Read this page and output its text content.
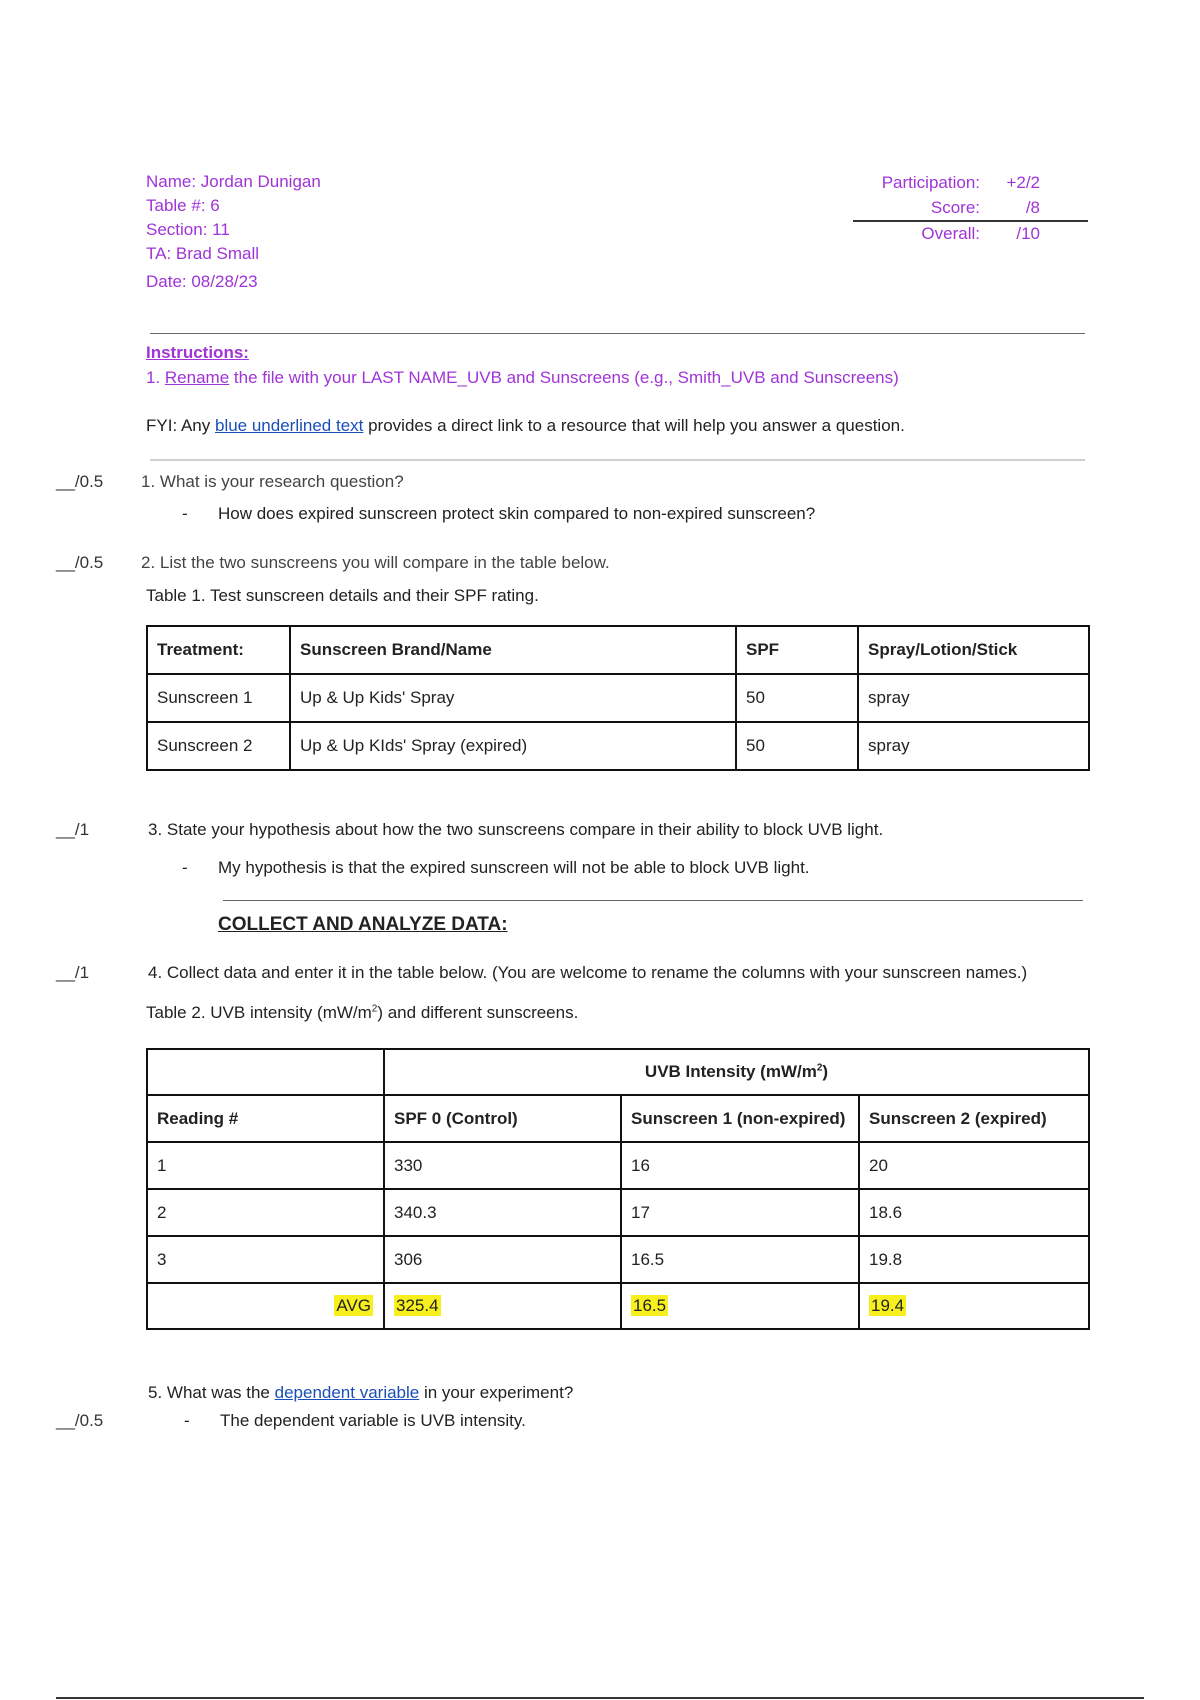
Name: Jordan Dunigan
Table #: 6
Section: 11
TA: Brad Small
Date: 08/28/23
Participation:	+2/2
Score:	/8
Overall:	/10
Instructions:
1. Rename the file with your LAST NAME_UVB and Sunscreens (e.g., Smith_UVB and Sunscreens)
FYI: Any blue underlined text provides a direct link to a resource that will help you answer a question.
__/0.5 1. What is your research question?
- How does expired sunscreen protect skin compared to non-expired sunscreen?
__/0.5 2. List the two sunscreens you will compare in the table below.
Table 1. Test sunscreen details and their SPF rating.
Treatment:	Sunscreen Brand/Name	SPF	Spray/Lotion/Stick
Sunscreen 1	Up & Up Kids' Spray	50	spray
Sunscreen 2	Up & Up KIds' Spray (expired)	50	spray
__/1	3. State your hypothesis about how the two sunscreens compare in their ability to block UVB light.
- My hypothesis is that the expired sunscreen will not be able to block UVB light.
COLLECT AND ANALYZE DATA:
__/1	4. Collect data and enter it in the table below. (You are welcome to rename the columns with your sunscreen names.)
Table 2. UVB intensity $(mW/m^2)$ and different sunscreens.
	UVB Intensity $(mW/m^2)$		
Reading #	SPF 0 (Control)	Sunscreen 1 (non-expired)	Sunscreen 2 (expired)
1	330	16	20
2	340.3	17	18.6
3	306	16.5	19.8
AVG	325.4	16.5	19.4
5. What was the dependent variable in your experiment?
__/0.5	- The dependent variable is UVB intensity.
